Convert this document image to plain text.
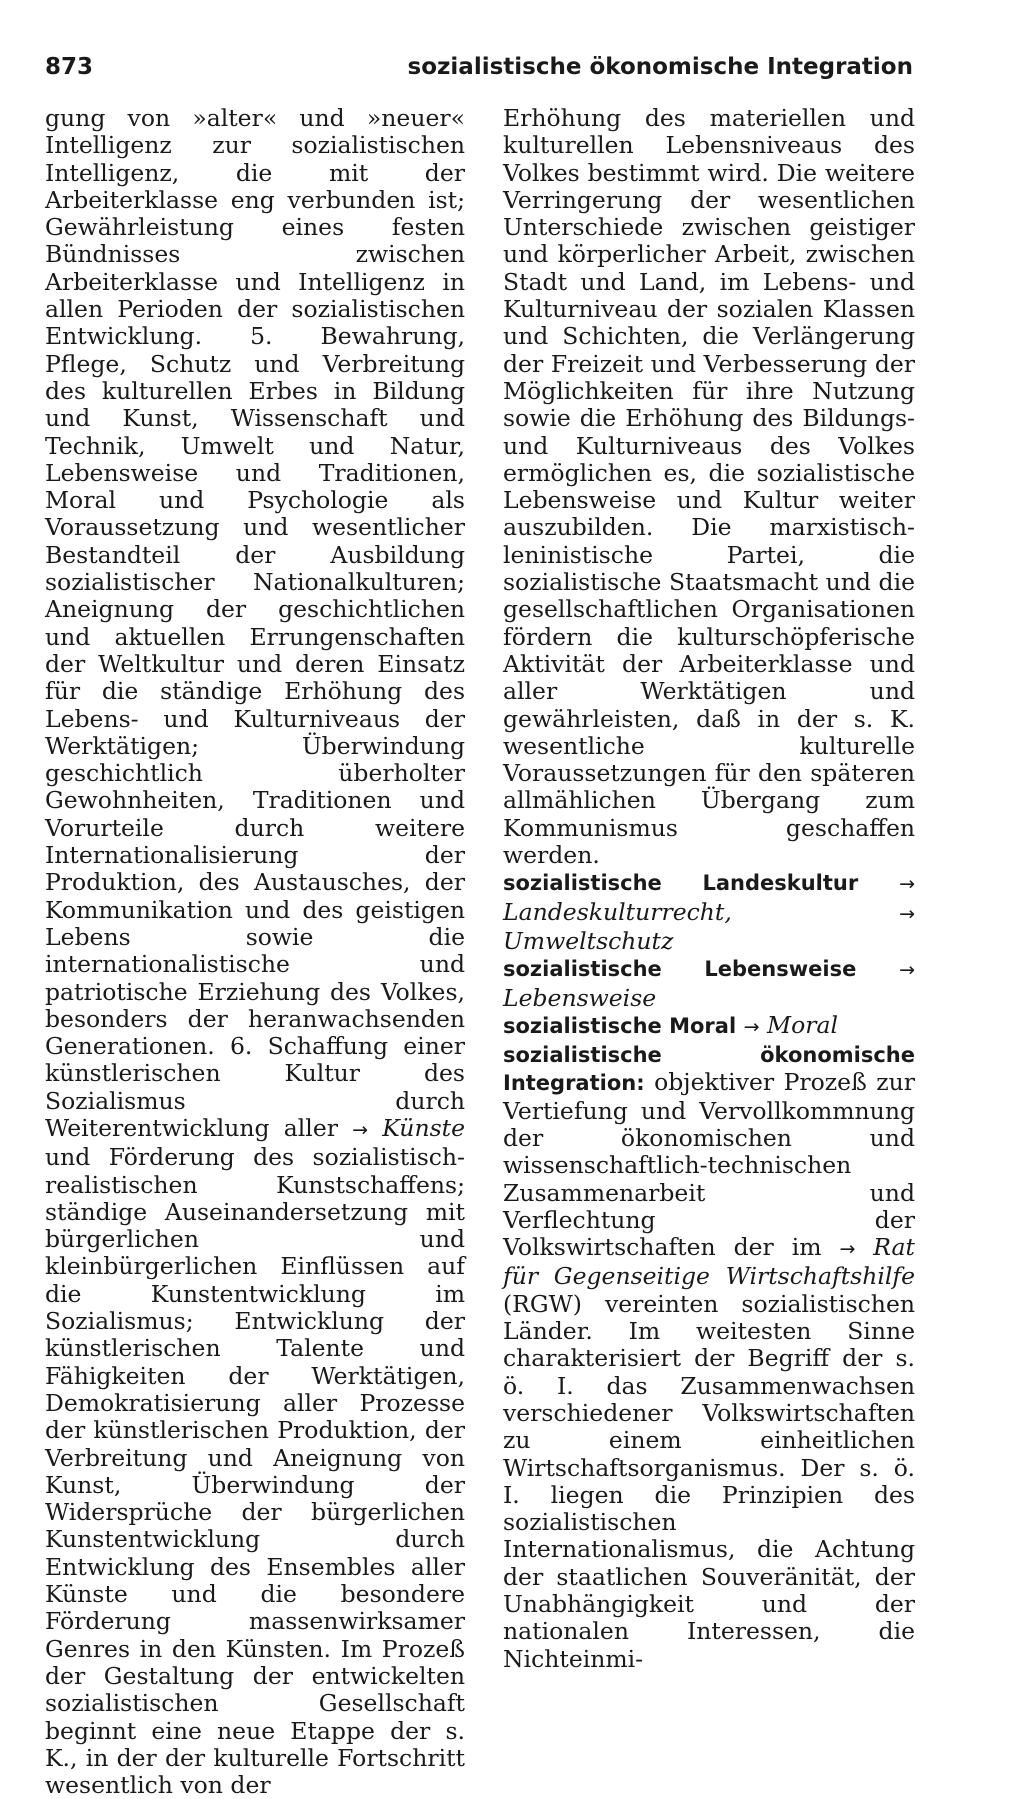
873	sozialistische ökonomische Integration

gung von »alter« und »neuer« Intelligenz zur sozialistischen Intelligenz, die mit der Arbeiterklasse eng verbunden ist; Gewährleistung eines festen Bündnisses zwischen Arbeiterklasse und Intelligenz in allen Perioden der sozialistischen Entwicklung. 5. Bewahrung, Pflege, Schutz und Verbreitung des kulturellen Erbes in Bildung und Kunst, Wissenschaft und Technik, Umwelt und Natur, Lebensweise und Traditionen, Moral und Psychologie als Voraussetzung und wesentlicher Bestandteil der Ausbildung sozialistischer Nationalkulturen; Aneignung der geschichtlichen und aktuellen Errungenschaften der Weltkultur und deren Einsatz für die ständige Erhöhung des Lebens- und Kulturniveaus der Werktätigen; Überwindung geschichtlich überholter Gewohnheiten, Traditionen und Vorurteile durch weitere Internationalisierung der Produktion, des Austausches, der Kommunikation und des geistigen Lebens sowie die internationalistische und patriotische Erziehung des Volkes, besonders der heranwachsenden Generationen. 6. Schaffung einer künstlerischen Kultur des Sozialismus durch Weiterentwicklung aller → Künste und Förderung des sozialistisch-realistischen Kunstschaffens; ständige Auseinandersetzung mit bürgerlichen und kleinbürgerlichen Einflüssen auf die Kunstentwicklung im Sozialismus; Entwicklung der künstlerischen Talente und Fähigkeiten der Werktätigen, Demokratisierung aller Prozesse der künstlerischen Produktion, der Verbreitung und Aneignung von Kunst, Überwindung der Widersprüche der bürgerlichen Kunstentwicklung durch Entwicklung des Ensembles aller Künste und die besondere Förderung massenwirksamer Genres in den Künsten. Im Prozeß der Gestaltung der entwickelten sozialistischen Gesellschaft beginnt eine neue Etappe der s. K., in der der kulturelle Fortschritt wesentlich von der

Erhöhung des materiellen und kulturellen Lebensniveaus des Volkes bestimmt wird. Die weitere Verringerung der wesentlichen Unterschiede zwischen geistiger und körperlicher Arbeit, zwischen Stadt und Land, im Lebens- und Kulturniveau der sozialen Klassen und Schichten, die Verlängerung der Freizeit und Verbesserung der Möglichkeiten für ihre Nutzung sowie die Erhöhung des Bildungs- und Kulturniveaus des Volkes ermöglichen es, die sozialistische Lebensweise und Kultur weiter auszubilden. Die marxistisch-leninistische Partei, die sozialistische Staatsmacht und die gesellschaftlichen Organisationen fördern die kulturschöpferische Aktivität der Arbeiterklasse und aller Werktätigen und gewährleisten, daß in der s. K. wesentliche kulturelle Voraussetzungen für den späteren allmählichen Übergang zum Kommunismus geschaffen werden.

sozialistische Landeskultur → Landeskulturrecht,	→ Umweltschutz

sozialistische Lebensweise → Lebensweise

sozialistische Moral → Moral

sozialistische ökonomische Integration: objektiver Prozeß zur Vertiefung und Vervollkommnung der ökonomischen und wissenschaftlich-technischen Zusammenarbeit und Verflechtung der Volkswirtschaften der im → Rat für Gegenseitige Wirtschaftshilfe (RGW) vereinten sozialistischen Länder. Im weitesten Sinne charakterisiert der Begriff der s. ö. I. das Zusammenwachsen verschiedener Volkswirtschaften zu einem einheitlichen Wirtschaftsorganismus. Der s. ö. I. liegen die Prinzipien des sozialistischen Internationalismus, die Achtung der staatlichen Souveränität, der Unabhängigkeit und der nationalen Interessen, die Nichteinmi-
